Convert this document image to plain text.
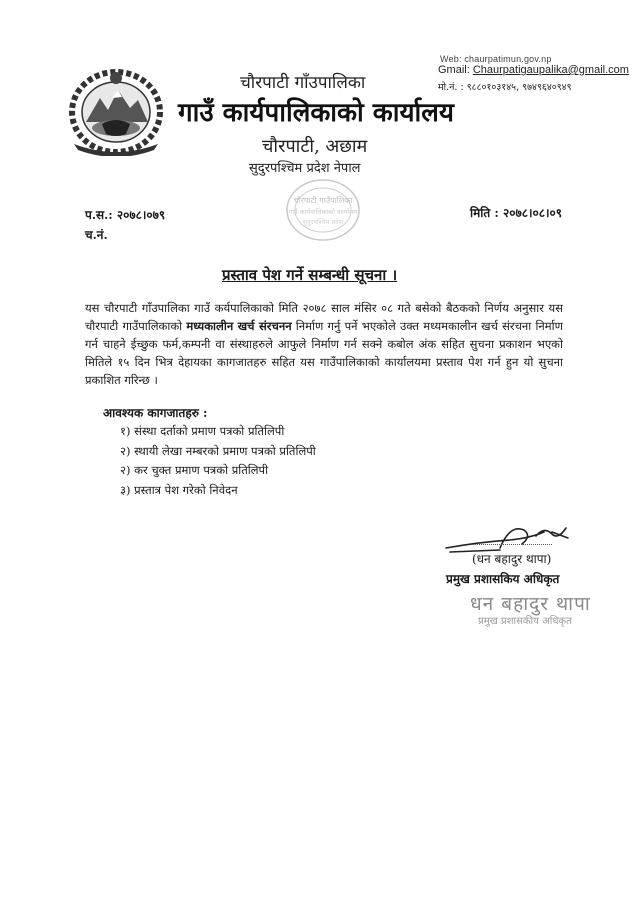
Web: chaurpatimun.gov.np
Gmail: Chaurpatigaupalika@gmail.com
मो.नं. : ९८८०१०३१४५, ९७४९६४०९४९
चौरपाटी गाँउपालिका
गाउँ कार्यपालिकाको कार्यालय
चौरपाटी, अछाम
सुदुरपश्चिम प्रदेश नेपाल
चौरपाटी गाउँपालिका
गाउँ कार्यपालिकाको कार्यालय
सुदुरपश्चिम प्रदेश
प.स.: २०७८।०७९
च.नं.
मिति : २०७८।०८।०९
प्रस्ताव पेश गर्ने सम्बन्धी सूचना ।
यस चौरपाटी गाँउपालिका गाउँ कर्यपालिकाको मिति २०७८ साल मंसिर ०८ गते बसेको बैठकको निर्णय अनुसार यस चौरपाटी गाउँपालिकाको मध्यकालीन खर्च संरचनन निर्माण गर्नु पर्ने भएकोले उक्त मध्यमकालीन खर्च संरचना निर्माण गर्न चाहने ईच्छुक फर्म,कम्पनी वा संस्थाहरुले आफुले निर्माण गर्न सक्ने कबोल अंक सहित सुचना प्रकाशन भएको मितिले १५ दिन भित्र देहायका कागजातहरु सहित यस गाउँपालिकाको कार्यालयमा प्रस्ताव पेश गर्न हुन यो सुचना प्रकाशित गरिन्छ ।
आवश्यक कागजातहरु :
१) संस्था दर्ताको प्रमाण पत्रको प्रतिलिपी
२) स्थायी लेखा नम्बरको प्रमाण पत्रको प्रतिलिपी
२) कर चुक्त प्रमाण पत्रको प्रतिलिपी
३) प्रस्तात्र पेश गरेको निवेदन
(धन बहादुर थापा)
प्रमुख प्रशासकिय अधिकृत
धन बहादुर थापा
प्रमुख प्रशासकीय अधिकृत
